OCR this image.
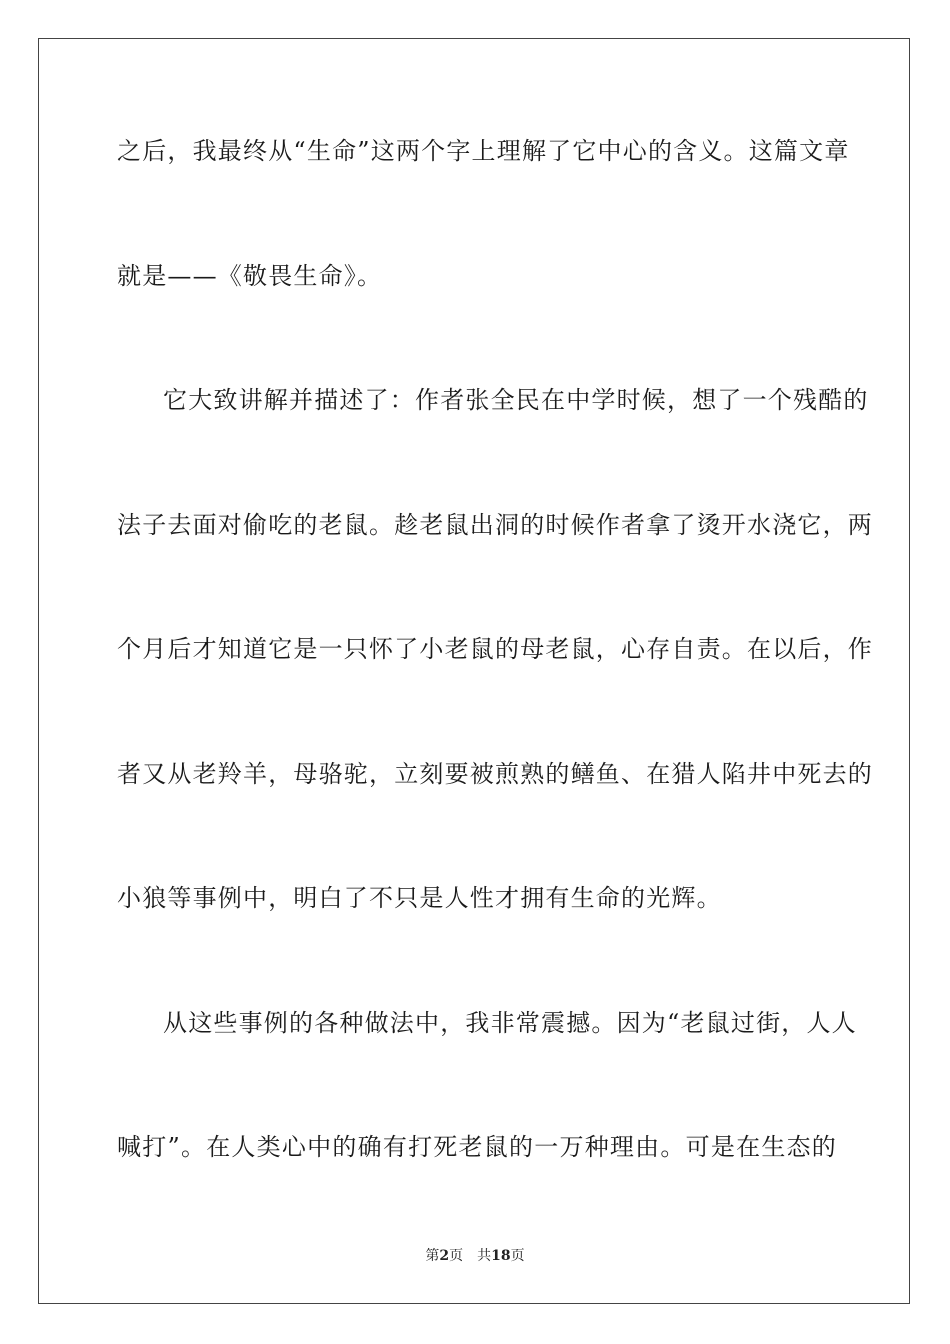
之后，我最终从“生命”这两个字上理解了它中心的含义。这篇文章
就是——《敬畏生命》。
它大致讲解并描述了：作者张全民在中学时候，想了一个残酷的
法子去面对偷吃的老鼠。趁老鼠出洞的时候作者拿了烫开水浇它，两
个月后才知道它是一只怀了小老鼠的母老鼠，心存自责。在以后，作
者又从老羚羊，母骆驼，立刻要被煎熟的鳝鱼、在猎人陷井中死去的
小狼等事例中，明白了不只是人性才拥有生命的光辉。
从这些事例的各种做法中，我非常震撼。因为“老鼠过街，人人
喊打”。在人类心中的确有打死老鼠的一万种理由。可是在生态的
第2页 共18页
